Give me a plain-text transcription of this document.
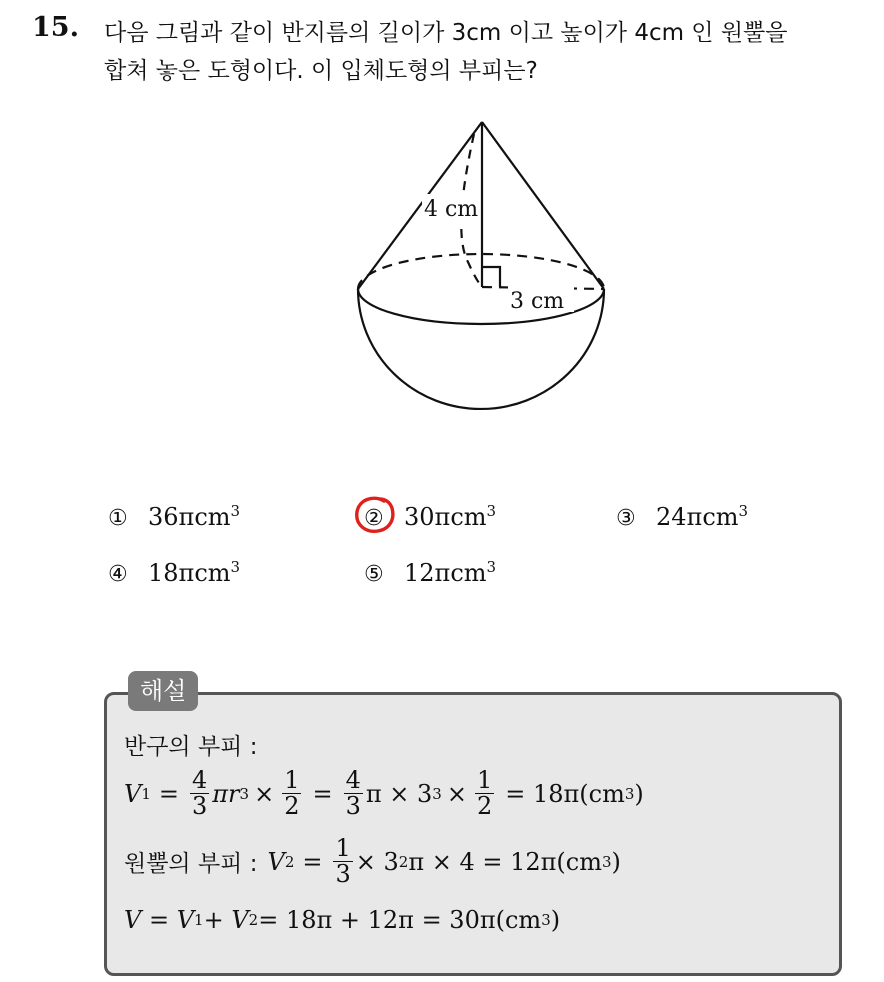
15. 다음 그림과 같이 반지름의 길이가 3cm 이고 높이가 4cm 인 원뿔을
합쳐 놓은 도형이다. 이 입체도형의 부피는?
4 cm
3 cm
① 36πcm$^3$	② 30πcm$^3$	③ 24πcm$^3$
④ 18πcm$^3$	⑤ 12πcm$^3$
해설
반구의 부피 :
V $1 = \frac{4}{3}$ πr $3 \times \frac{1}{2} = \frac{4}{3}$ π × 3 $3 \times \frac{1}{2} = 18\pi(cm$ 3 )
원뿔의 부피 : V $2 = \frac{1}{3} \times 3$ 2 π × 4 = 12π(cm 3 )
V = V 1 + V 2 = 18π + 12π = 30π(cm 3 )
